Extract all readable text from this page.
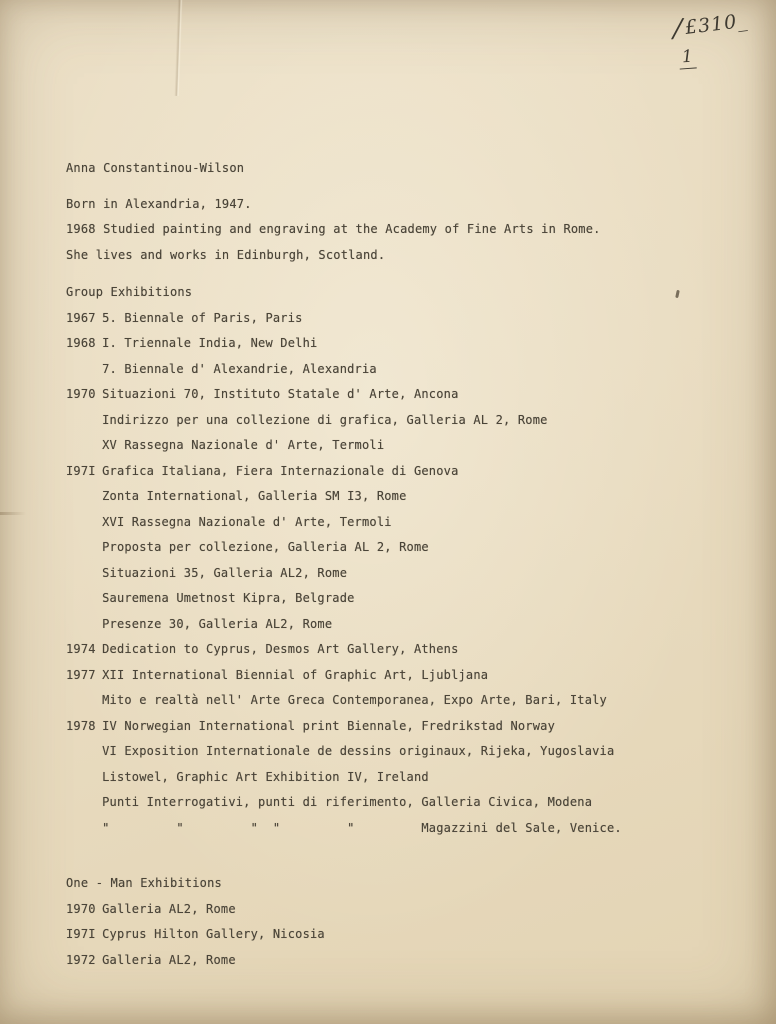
∕£310_
1

Anna Constantinou-Wilson

Born in Alexandria, 1947.

1968 Studied painting and engraving at the Academy of Fine Arts in Rome.

She lives and works in Edinburgh, Scotland.

Group Exhibitions

1967 5. Biennale of Paris, Paris

1968 I. Triennale India, New Delhi

7. Biennale d' Alexandrie, Alexandria

1970 Situazioni 70, Instituto Statale d' Arte, Ancona

Indirizzo per una collezione di grafica, Galleria AL 2, Rome

XV Rassegna Nazionale d' Arte, Termoli

I97I Grafica Italiana, Fiera Internazionale di Genova

Zonta International, Galleria SM I3, Rome

XVI Rassegna Nazionale d' Arte, Termoli

Proposta per collezione, Galleria AL 2, Rome

Situazioni 35, Galleria AL2, Rome

Sauremena Umetnost Kipra, Belgrade

Presenze 30, Galleria AL2, Rome

1974 Dedication to Cyprus, Desmos Art Gallery, Athens

1977 XII International Biennial of Graphic Art, Ljubljana

Mito e realtà nell' Arte Greca Contemporanea, Expo Arte, Bari, Italy

1978 IV Norwegian International print Biennale, Fredrikstad Norway

VI Exposition Internationale de dessins originaux, Rijeka, Yugoslavia

Listowel, Graphic Art Exhibition IV, Ireland

Punti Interrogativi, punti di riferimento, Galleria Civica, Modena

"         "         "  "         "         Magazzini del Sale, Venice.

One - Man Exhibitions

1970 Galleria AL2, Rome

I97I Cyprus Hilton Gallery, Nicosia

1972 Galleria AL2, Rome
